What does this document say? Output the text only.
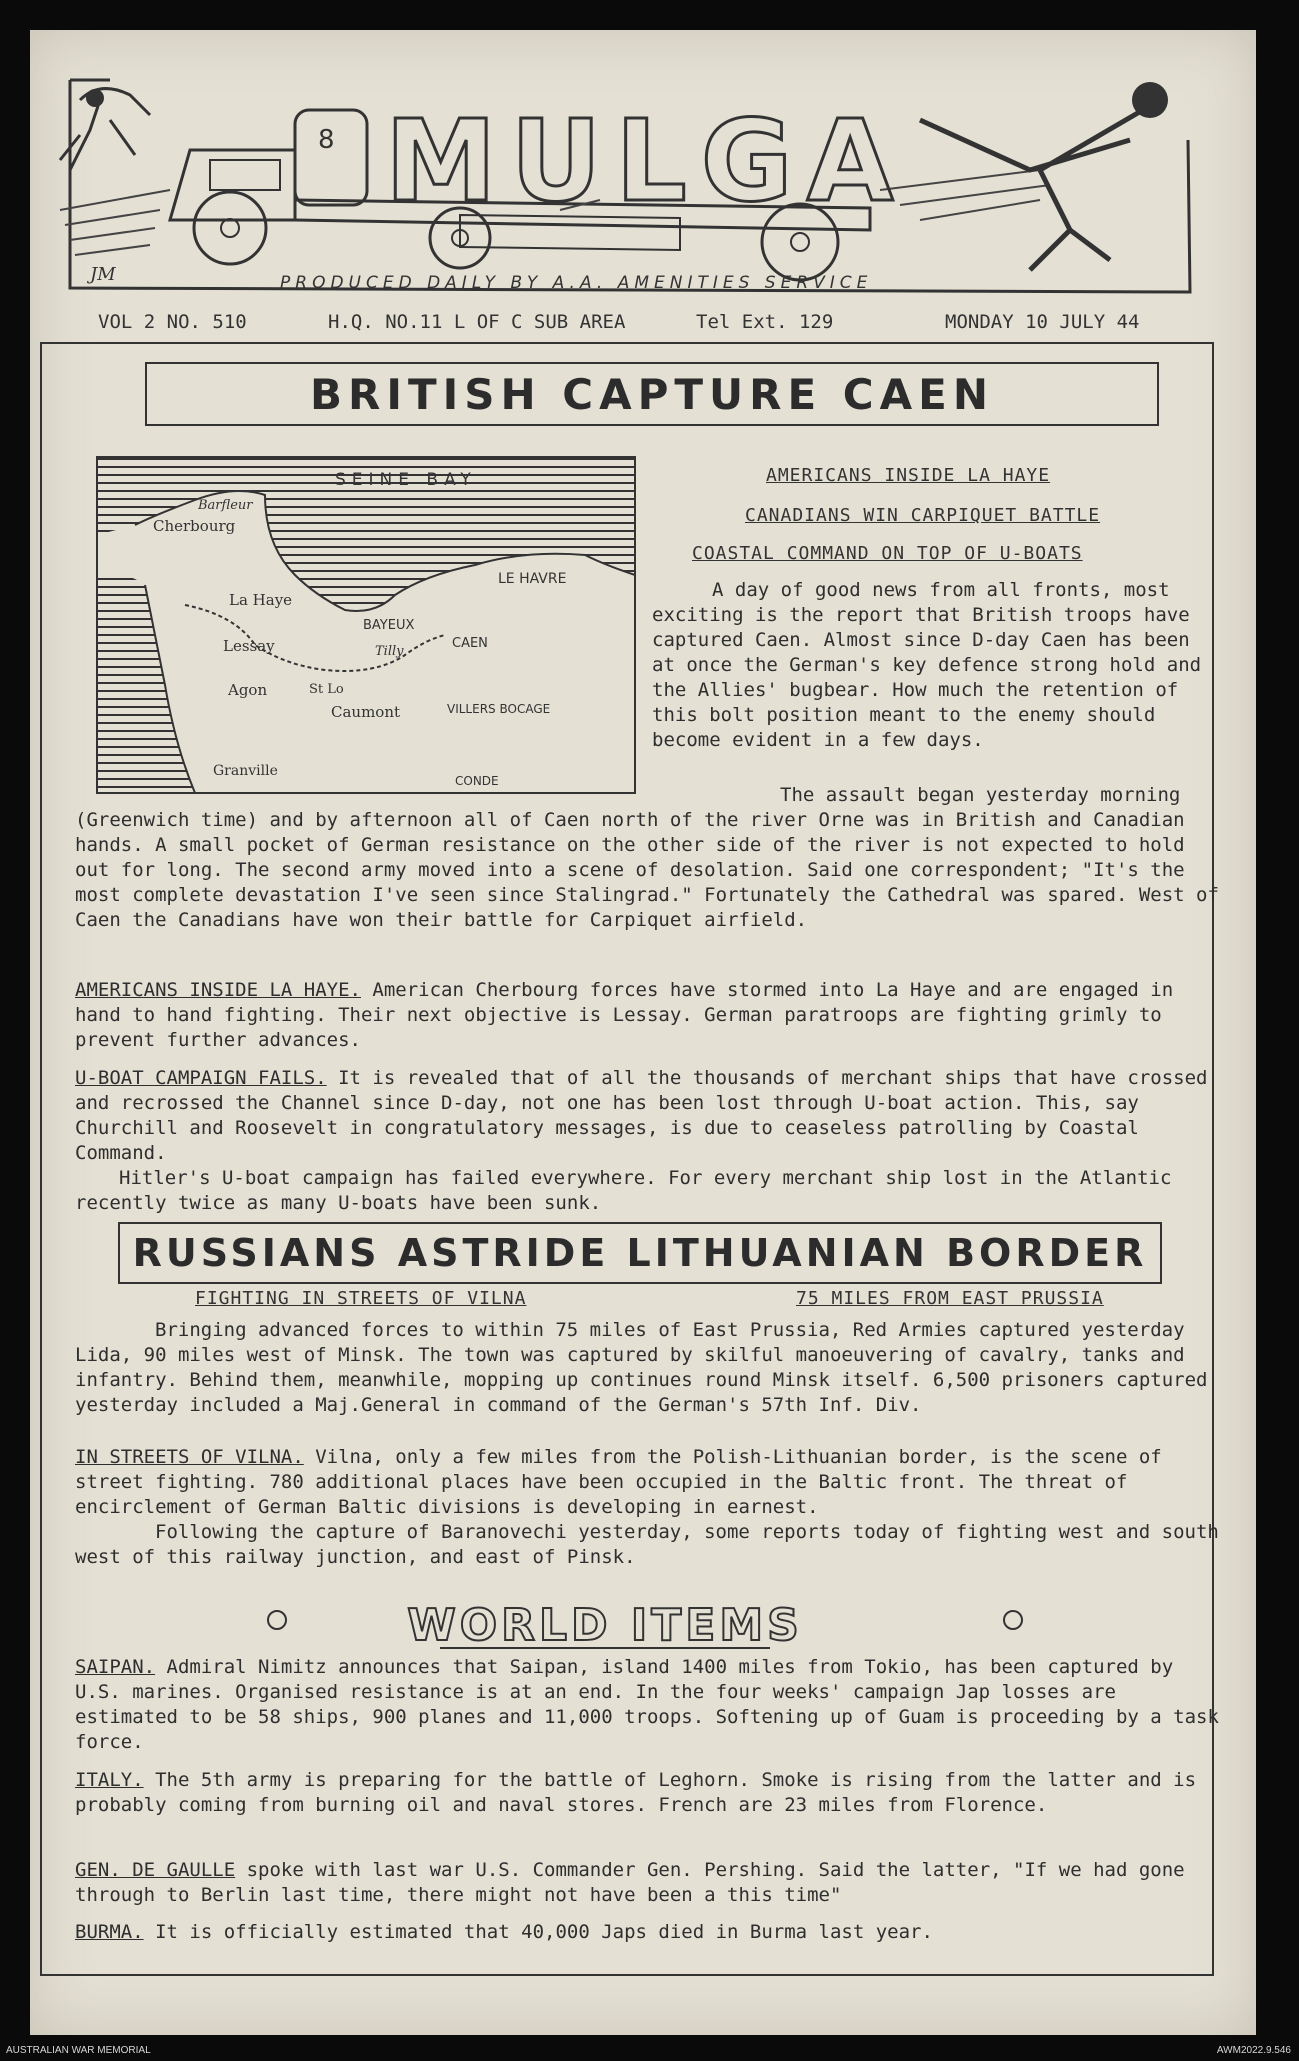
8 MULGA
PRODUCED DAILY BY A.A. AMENITIES SERVICE
JM
VOL 2 NO. 510	H.Q. NO.11 L OF C SUB AREA	Tel Ext. 129	MONDAY 10 JULY 44
BRITISH CAPTURE CAEN
SEINE BAY
Barfleur
Cherbourg
LE HAVRE
La Haye
Lessay
BAYEUX
CAEN
Tilly
Agon	St Lo
Caumont	VILLERS BOCAGE
Granville
CONDE
AMERICANS INSIDE LA HAYE
CANADIANS WIN CARPIQUET BATTLE
COASTAL COMMAND ON TOP OF U-BOATS

A day of good news from all fronts, most exciting is the report that British troops have captured Caen. Almost since D-day Caen has been at once the German's key defence strong hold and the Allies' bugbear. How much the retention of this bolt position meant to the enemy should become evident in a few days.

The assault began yesterday morning

(Greenwich time) and by afternoon all of Caen north of the river Orne was in British and Canadian hands. A small pocket of German resistance on the other side of the river is not expected to hold out for long. The second army moved into a scene of desolation. Said one correspondent; "It's the most complete devastation I've seen since Stalingrad." Fortunately the Cathedral was spared. West of Caen the Canadians have won their battle for Carpiquet airfield.

AMERICANS INSIDE LA HAYE. American Cherbourg forces have stormed into La Haye and are engaged in hand to hand fighting. Their next objective is Lessay. German paratroops are fighting grimly to prevent further advances.

U-BOAT CAMPAIGN FAILS. It is revealed that of all the thousands of merchant ships that have crossed and recrossed the Channel since D-day, not one has been lost through U-boat action. This, say Churchill and Roosevelt in congratulatory messages, is due to ceaseless patrolling by Coastal Command.

Hitler's U-boat campaign has failed everywhere. For every merchant ship lost in the Atlantic recently twice as many U-boats have been sunk.

RUSSIANS ASTRIDE LITHUANIAN BORDER
FIGHTING IN STREETS OF VILNA	75 MILES FROM EAST PRUSSIA

Bringing advanced forces to within 75 miles of East Prussia, Red Armies captured yesterday Lida, 90 miles west of Minsk. The town was captured by skilful manoeuvering of cavalry, tanks and infantry. Behind them, meanwhile, mopping up continues round Minsk itself. 6,500 prisoners captured yesterday included a Maj.General in command of the German's 57th Inf. Div.

IN STREETS OF VILNA. Vilna, only a few miles from the Polish-Lithuanian border, is the scene of street fighting. 780 additional places have been occupied in the Baltic front. The threat of encirclement of German Baltic divisions is developing in earnest.

Following the capture of Baranovechi yesterday, some reports today of fighting west and south west of this railway junction, and east of Pinsk.

WORLD ITEMS

SAIPAN. Admiral Nimitz announces that Saipan, island 1400 miles from Tokio, has been captured by U.S. marines. Organised resistance is at an end. In the four weeks' campaign Jap losses are estimated to be 58 ships, 900 planes and 11,000 troops. Softening up of Guam is proceeding by a task force.

ITALY. The 5th army is preparing for the battle of Leghorn. Smoke is rising from the latter and is probably coming from burning oil and naval stores. French are 23 miles from Florence.

GEN. DE GAULLE spoke with last war U.S. Commander Gen. Pershing. Said the latter, "If we had gone through to Berlin last time, there might not have been a this time"

BURMA. It is officially estimated that 40,000 Japs died in Burma last year.

AUSTRALIAN WAR MEMORIAL	AWM2022.9.546
